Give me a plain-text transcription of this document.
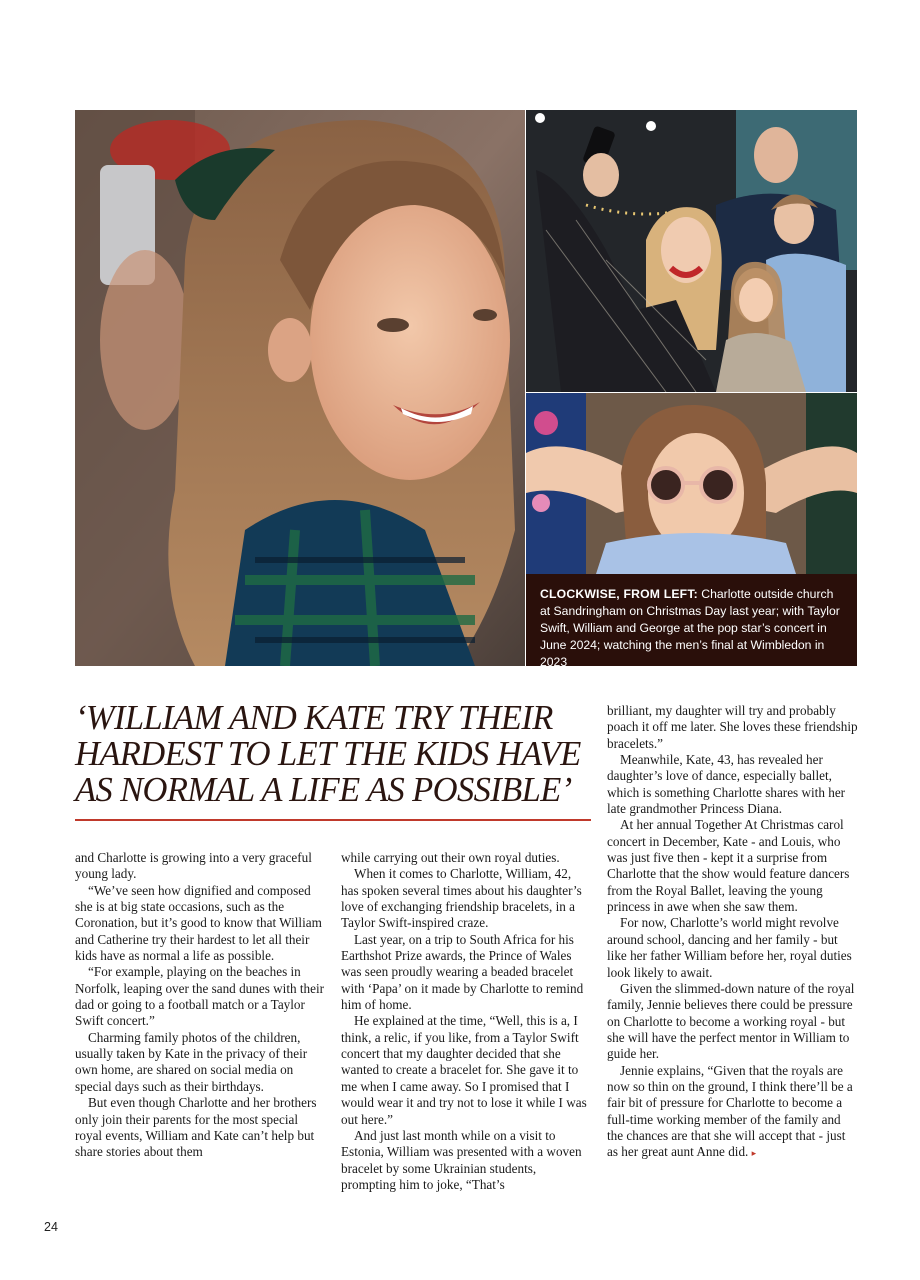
CLOCKWISE, FROM LEFT: Charlotte outside church at Sandringham on Christmas Day last year; with Taylor Swift, William and George at the pop star’s concert in June 2024; watching the men’s final at Wimbledon in 2023
‘WILLIAM AND KATE TRY THEIR HARDEST TO LET THE KIDS HAVE AS NORMAL A LIFE AS POSSIBLE’

and Charlotte is growing into a very graceful young lady.

“We’ve seen how dignified and composed she is at big state occasions, such as the Coronation, but it’s good to know that William and Catherine try their hardest to let all their kids have as normal a life as possible.

“For example, playing on the beaches in Norfolk, leaping over the sand dunes with their dad or going to a football match or a Taylor Swift concert.”

Charming family photos of the children, usually taken by Kate in the privacy of their own home, are shared on social media on special days such as their birthdays.

But even though Charlotte and her brothers only join their parents for the most special royal events, William and Kate can’t help but share stories about them

while carrying out their own royal duties.

When it comes to Charlotte, William, 42, has spoken several times about his daughter’s love of exchanging friendship bracelets, in a Taylor Swift-inspired craze.

Last year, on a trip to South Africa for his Earthshot Prize awards, the Prince of Wales was seen proudly wearing a beaded bracelet with ‘Papa’ on it made by Charlotte to remind him of home.

He explained at the time, “Well, this is a, I think, a relic, if you like, from a Taylor Swift concert that my daughter decided that she wanted to create a bracelet for. She gave it to me when I came away. So I promised that I would wear it and try not to lose it while I was out here.”

And just last month while on a visit to Estonia, William was presented with a woven bracelet by some Ukrainian students, prompting him to joke, “That’s

brilliant, my daughter will try and probably poach it off me later. She loves these friendship bracelets.”

Meanwhile, Kate, 43, has revealed her daughter’s love of dance, especially ballet, which is something Charlotte shares with her late grandmother Princess Diana.

At her annual Together At Christmas carol concert in December, Kate - and Louis, who was just five then - kept it a surprise from Charlotte that the show would feature dancers from the Royal Ballet, leaving the young princess in awe when she saw them.

For now, Charlotte’s world might revolve around school, dancing and her family - but like her father William before her, royal duties look likely to await.

Given the slimmed-down nature of the royal family, Jennie believes there could be pressure on Charlotte to become a working royal - but she will have the perfect mentor in William to guide her.

Jennie explains, “Given that the royals are now so thin on the ground, I think there’ll be a fair bit of pressure for Charlotte to become a full-time working member of the family and the chances are that she will accept that - just as her great aunt Anne did. ▸

24
